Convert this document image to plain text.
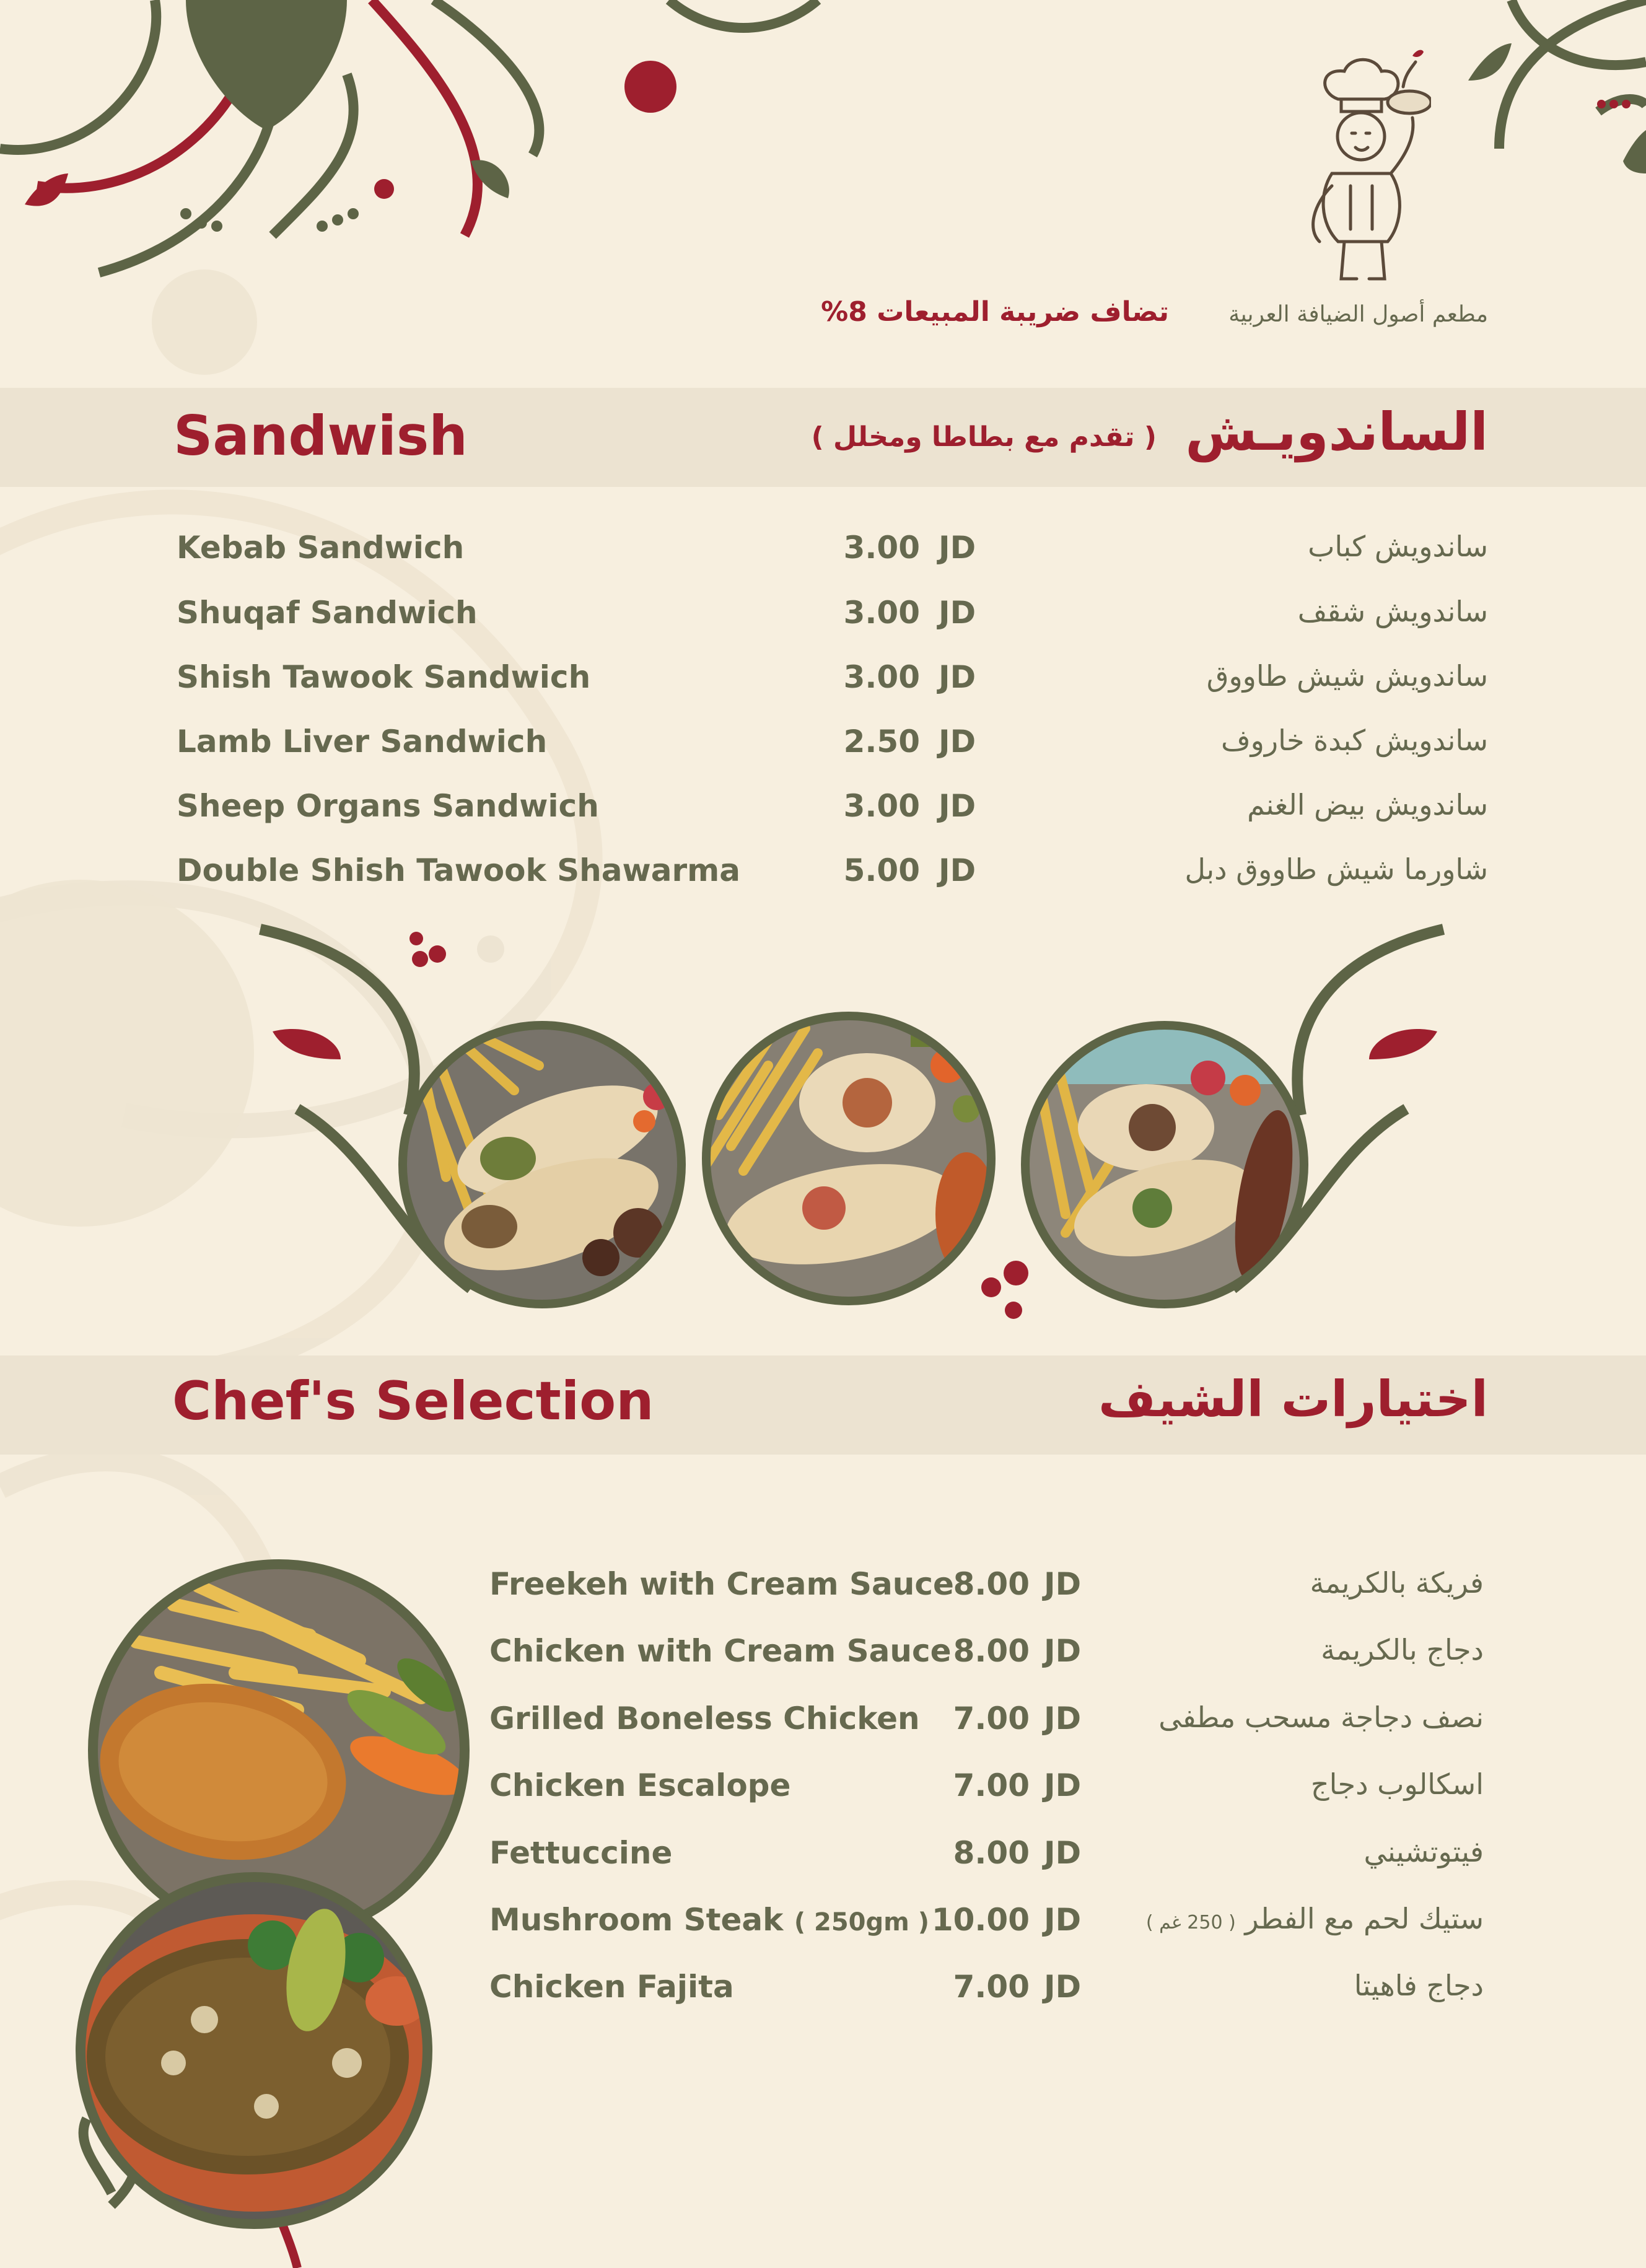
مطعم أصول الضيافة العربية
تضاف ضريبة المبيعات 8%
Sandwish	( تقدم مع بطاطا ومخلل ) الساندويـش
Kebab Sandwich	3.00 JD	ساندويش كباب
Shuqaf Sandwich	3.00 JD	ساندويش شقف
Shish Tawook Sandwich	3.00 JD	ساندويش شيش طاووق
Lamb Liver Sandwich	2.50 JD	ساندويش كبدة خاروف
Sheep Organs Sandwich	3.00 JD	ساندويش بيض الغنم
Double Shish Tawook Shawarma	5.00 JD	شاورما شيش طاووق دبل
Chef's Selection	اختيارات الشيف
Freekeh with Cream Sauce
8.00 JD	فريكة بالكريمة
Chicken with Cream Sauce 8.00 JD	دجاج بالكريمة
Grilled Boneless Chicken 7.00 JD	نصف دجاجة مسحب مطفى
Chicken Escalope	7.00 JD	اسكالوب دجاج
Fettuccine	8.00 JD	فيتوتشيني
Mushroom Steak ( 250gm ) 10.00 JD	ستيك لحم مع الفطر ( 250 غم )
Chicken Fajita	7.00 JD	دجاج فاهيتا
